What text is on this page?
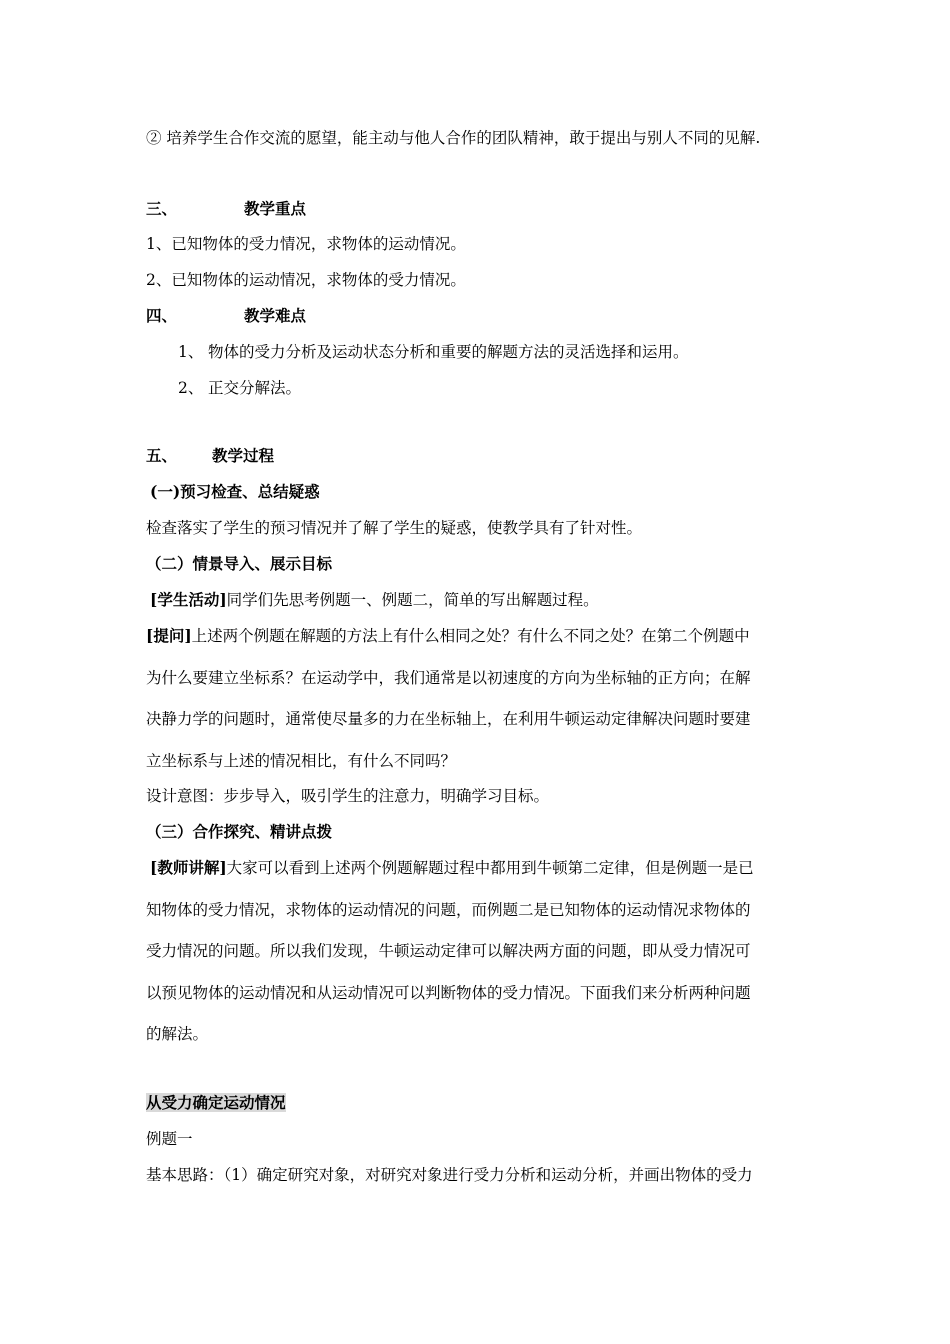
② 培养学生合作交流的愿望，能主动与他人合作的团队精神，敢于提出与别人不同的见解.
三、	教学重点
1、已知物体的受力情况，求物体的运动情况。
2、已知物体的运动情况，求物体的受力情况。
四、	教学难点
1、 物体的受力分析及运动状态分析和重要的解题方法的灵活选择和运用。
2、 正交分解法。
五、 教学过程
(一)预习检查、总结疑惑
检查落实了学生的预习情况并了解了学生的疑惑，使教学具有了针对性。
（二）情景导入、展示目标
[学生活动]同学们先思考例题一、例题二，简单的写出解题过程。
[提问]上述两个例题在解题的方法上有什么相同之处？有什么不同之处？在第二个例题中
为什么要建立坐标系？在运动学中，我们通常是以初速度的方向为坐标轴的正方向；在解
决静力学的问题时，通常使尽量多的力在坐标轴上，在利用牛顿运动定律解决问题时要建
立坐标系与上述的情况相比，有什么不同吗？
设计意图：步步导入，吸引学生的注意力，明确学习目标。
（三）合作探究、精讲点拨
[教师讲解]大家可以看到上述两个例题解题过程中都用到牛顿第二定律，但是例题一是已
知物体的受力情况，求物体的运动情况的问题，而例题二是已知物体的运动情况求物体的
受力情况的问题。所以我们发现，牛顿运动定律可以解决两方面的问题，即从受力情况可
以预见物体的运动情况和从运动情况可以判断物体的受力情况。下面我们来分析两种问题
的解法。
从受力确定运动情况
例题一
基本思路：（1）确定研究对象，对研究对象进行受力分析和运动分析，并画出物体的受力
